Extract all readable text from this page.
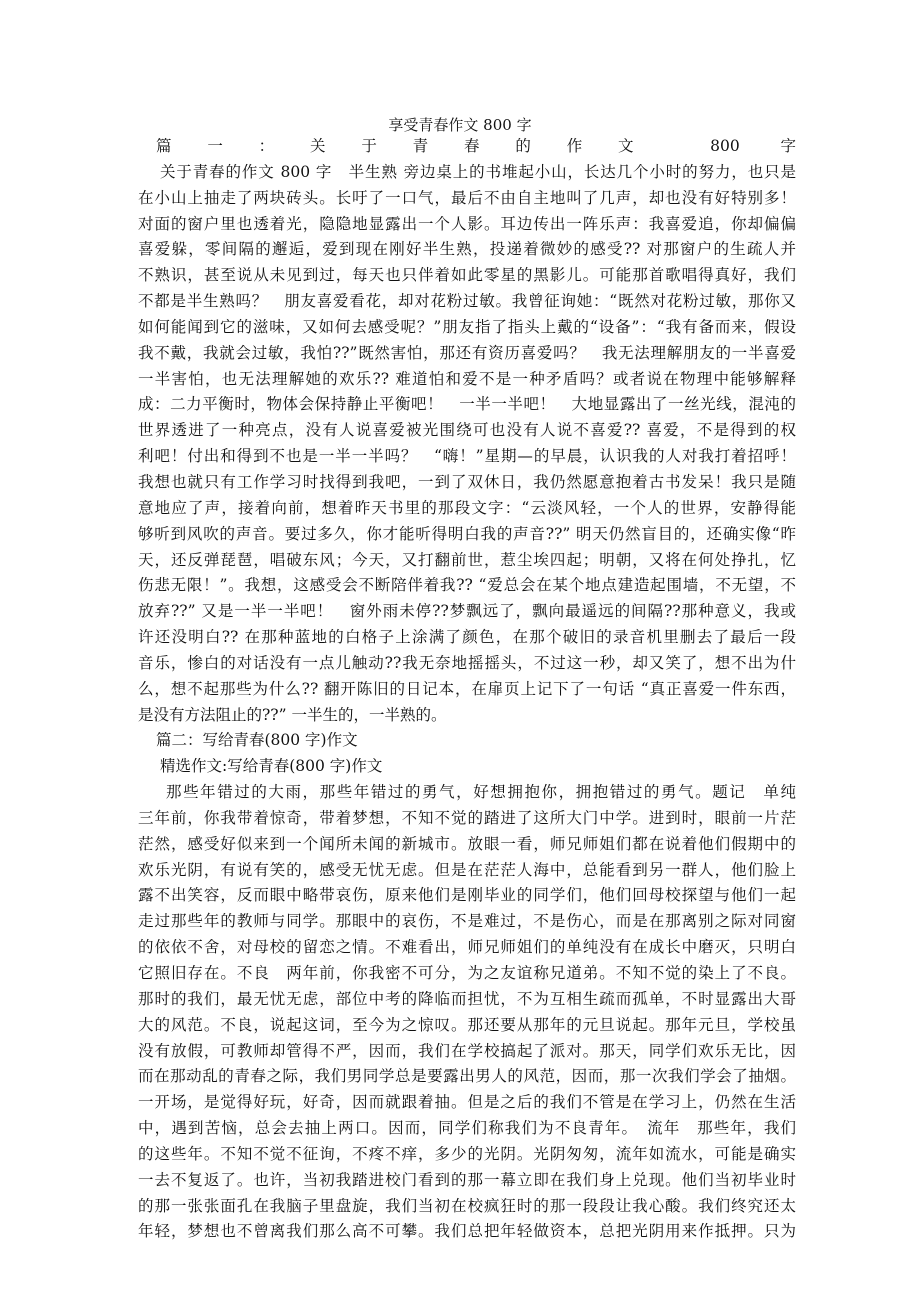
享受青春作文 800 字
篇一：关于青春的作文 800 字
关于青春的作文 800 字　半生熟 旁边桌上的书堆起小山，长达几个小时的努力，也只是
在小山上抽走了两块砖头。长吁了一口气，最后不由自主地叫了几声，却也没有好特别多！
对面的窗户里也透着光，隐隐地显露出一个人影。耳边传出一阵乐声：我喜爱追，你却偏偏
喜爱躲，零间隔的邂逅，爱到现在刚好半生熟，投递着微妙的感受?? 对那窗户的生疏人并
不熟识，甚至说从未见到过，每天也只伴着如此零星的黑影儿。可能那首歌唱得真好，我们
不都是半生熟吗？　朋友喜爱看花，却对花粉过敏。我曾征询她：“既然对花粉过敏，那你又
如何能闻到它的滋味，又如何去感受呢？”朋友指了指头上戴的“设备”：“我有备而来，假设
我不戴，我就会过敏，我怕??”既然害怕，那还有资历喜爱吗？　我无法理解朋友的一半喜爱
一半害怕，也无法理解她的欢乐?? 难道怕和爱不是一种矛盾吗？或者说在物理中能够解释
成：二力平衡时，物体会保持静止平衡吧！　一半一半吧！　大地显露出了一丝光线，混沌的
世界透进了一种亮点，没有人说喜爱被光围绕可也没有人说不喜爱?? 喜爱，不是得到的权
利吧！付出和得到不也是一半一半吗？　“嗨！”星期—的早晨，认识我的人对我打着招呼！
我想也就只有工作学习时找得到我吧，一到了双休日，我仍然愿意抱着古书发呆！我只是随
意地应了声，接着向前，想着昨天书里的那段文字：“云淡风轻，一个人的世界，安静得能
够听到风吹的声音。要过多久，你才能听得明白我的声音??” 明天仍然盲目的，还确实像“昨
天，还反弹琵琶，唱破东风；今天，又打翻前世，惹尘埃四起；明朝，又将在何处挣扎，忆
伤悲无限！”。我想，这感受会不断陪伴着我?? “爱总会在某个地点建造起围墙，不无望，不
放弃??” 又是一半一半吧！　窗外雨未停??梦飘远了，飘向最遥远的间隔??那种意义，我或
许还没明白?? 在那种蓝地的白格子上涂满了颜色，在那个破旧的录音机里删去了最后一段
音乐，惨白的对话没有一点儿触动??我无奈地摇摇头，不过这一秒，却又笑了，想不出为什
么，想不起那些为什么?? 翻开陈旧的日记本，在扉页上记下了一句话 “真正喜爱一件东西，
是没有方法阻止的??” 一半生的，一半熟的。
篇二：写给青春(800 字)作文
精选作文:写给青春(800 字)作文
那些年错过的大雨，那些年错过的勇气，好想拥抱你，拥抱错过的勇气。题记　单纯
三年前，你我带着惊奇，带着梦想，不知不觉的踏进了这所大门中学。进到时，眼前一片茫
茫然，感受好似来到一个闻所未闻的新城市。放眼一看，师兄师姐们都在说着他们假期中的
欢乐光阴，有说有笑的，感受无忧无虑。但是在茫茫人海中，总能看到另一群人，他们脸上
露不出笑容，反而眼中略带哀伤，原来他们是刚毕业的同学们，他们回母校探望与他们一起
走过那些年的教师与同学。那眼中的哀伤，不是难过，不是伤心，而是在那离别之际对同窗
的依依不舍，对母校的留恋之情。不难看出，师兄师姐们的单纯没有在成长中磨灭，只明白
它照旧存在。不良　两年前，你我密不可分，为之友谊称兄道弟。不知不觉的染上了不良。
那时的我们，最无忧无虑，部位中考的降临而担忧，不为互相生疏而孤单，不时显露出大哥
大的风范。不良，说起这词，至今为之惊叹。那还要从那年的元旦说起。那年元旦，学校虽
没有放假，可教师却管得不严，因而，我们在学校搞起了派对。那天，同学们欢乐无比，因
而在那动乱的青春之际，我们男同学总是要露出男人的风范，因而，那一次我们学会了抽烟。
一开场，是觉得好玩，好奇，因而就跟着抽。但是之后的我们不管是在学习上，仍然在生活
中，遇到苦恼，总会去抽上两口。因而，同学们称我们为不良青年。　流年　那些年，我们
的这些年。不知不觉不征询，不疼不痒，多少的光阴。光阴匆匆，流年如流水，可能是确实
一去不复返了。也许，当初我踏进校门看到的那一幕立即在我们身上兑现。他们当初毕业时
的那一张张面孔在我脑子里盘旋，我们当初在校疯狂时的那一段段让我心酸。我们终究还太
年轻，梦想也不曾离我们那么高不可攀。我们总把年轻做资本，总把光阴用来作抵押。只为
